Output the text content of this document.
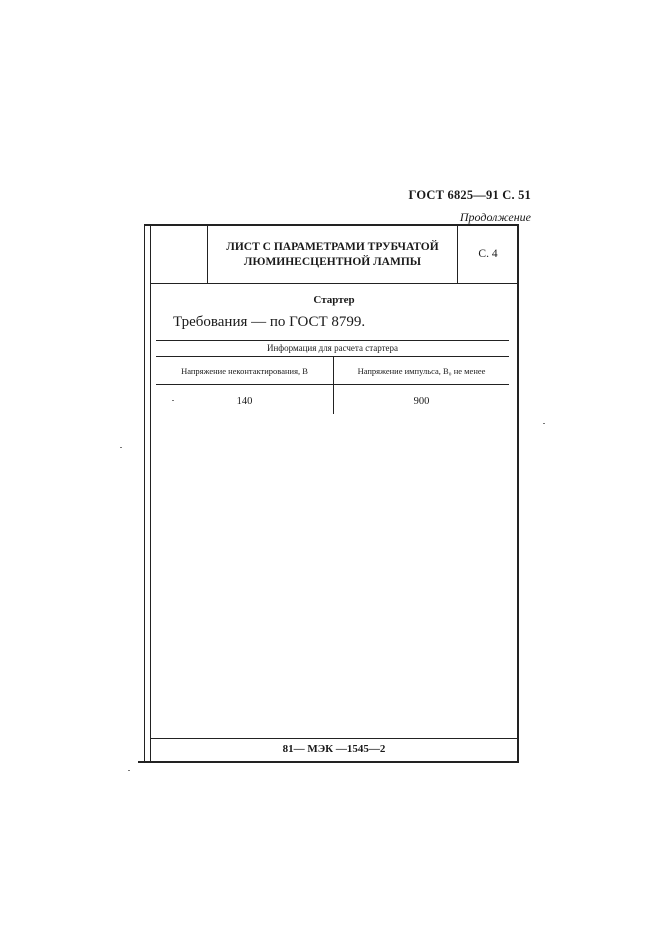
ГОСТ 6825—91 С. 51
Продолжение
ЛИСТ С ПАРАМЕТРАМИ ТРУБЧАТОЙ
ЛЮМИНЕСЦЕНТНОЙ ЛАМПЫ
С. 4
Стартер
Требования — по ГОСТ 8799.
Информация для расчета стартера
Напряжение неконтактирования, В	Напряжение импульса, В₀ не менее
140	900
81— МЭК —1545—2
